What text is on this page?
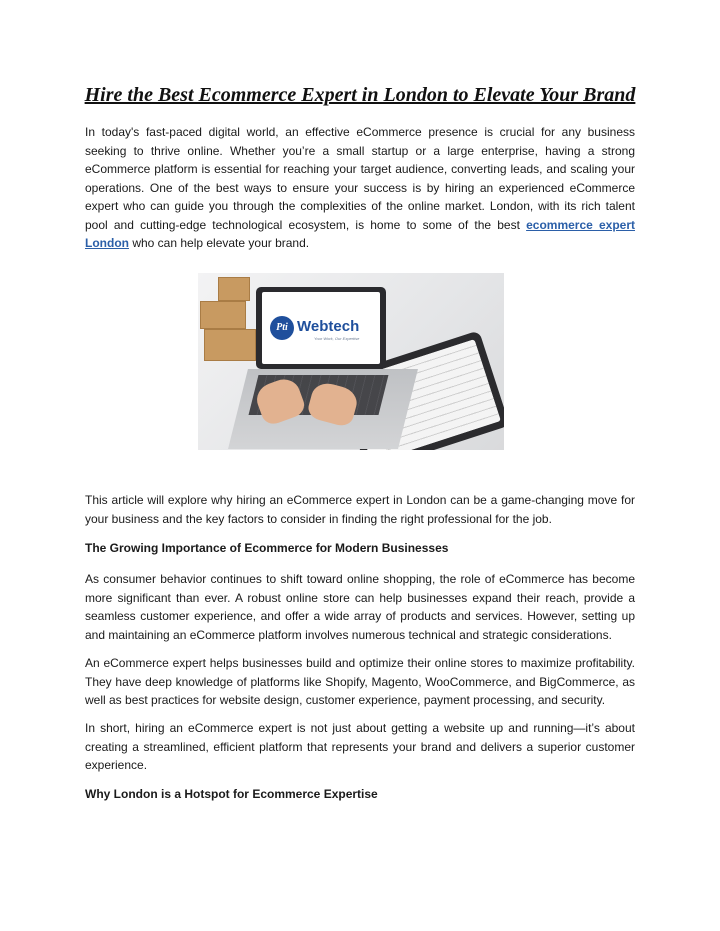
Hire the Best Ecommerce Expert in London to Elevate Your Brand

In today's fast-paced digital world, an effective eCommerce presence is crucial for any business seeking to thrive online. Whether you’re a small startup or a large enterprise, having a strong eCommerce platform is essential for reaching your target audience, converting leads, and scaling your operations. One of the best ways to ensure your success is by hiring an experienced eCommerce expert who can guide you through the complexities of the online market. London, with its rich talent pool and cutting-edge technological ecosystem, is home to some of the best ecommerce expert London who can help elevate your brand.

Pti Webtech
Your Work, Our Expertise

This article will explore why hiring an eCommerce expert in London can be a game-changing move for your business and the key factors to consider in finding the right professional for the job.

The Growing Importance of Ecommerce for Modern Businesses

As consumer behavior continues to shift toward online shopping, the role of eCommerce has become more significant than ever. A robust online store can help businesses expand their reach, provide a seamless customer experience, and offer a wide array of products and services. However, setting up and maintaining an eCommerce platform involves numerous technical and strategic considerations.

An eCommerce expert helps businesses build and optimize their online stores to maximize profitability. They have deep knowledge of platforms like Shopify, Magento, WooCommerce, and BigCommerce, as well as best practices for website design, customer experience, payment processing, and security.

In short, hiring an eCommerce expert is not just about getting a website up and running—it’s about creating a streamlined, efficient platform that represents your brand and delivers a superior customer experience.

Why London is a Hotspot for Ecommerce Expertise
